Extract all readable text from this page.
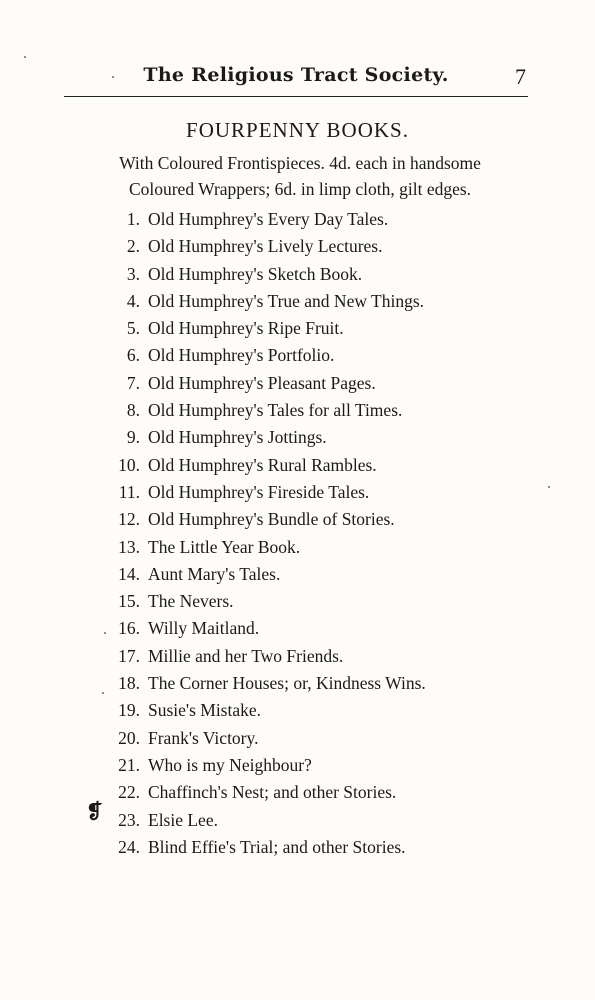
The Religious Tract Society.	7
FOURPENNY BOOKS.
With Coloured Frontispieces. 4d. each in handsome
Coloured Wrappers; 6d. in limp cloth, gilt edges.
1. Old Humphrey's Every Day Tales.
2. Old Humphrey's Lively Lectures.
3. Old Humphrey's Sketch Book.
4. Old Humphrey's True and New Things.
5. Old Humphrey's Ripe Fruit.
6. Old Humphrey's Portfolio.
7. Old Humphrey's Pleasant Pages.
8. Old Humphrey's Tales for all Times.
9. Old Humphrey's Jottings.
10. Old Humphrey's Rural Rambles.
11. Old Humphrey's Fireside Tales.
12. Old Humphrey's Bundle of Stories.
13. The Little Year Book.
14. Aunt Mary's Tales.
15. The Nevers.
16. Willy Maitland.
17. Millie and her Two Friends.
18. The Corner Houses; or, Kindness Wins.
19. Susie's Mistake.
20. Frank's Victory.
21. Who is my Neighbour?
22. Chaffinch's Nest; and other Stories.
23. Elsie Lee.
24. Blind Effie's Trial; and other Stories.
❡
